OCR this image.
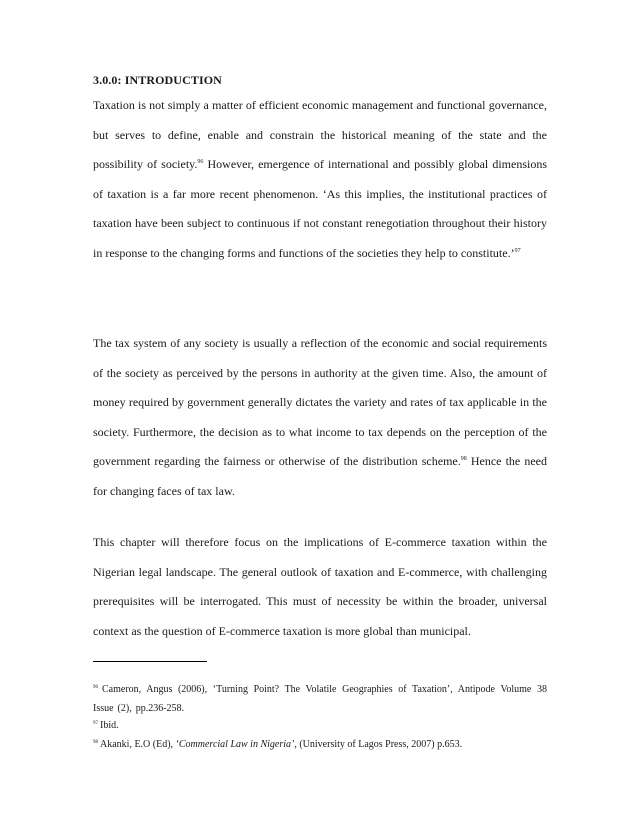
3.0.0: INTRODUCTION

Taxation is not simply a matter of efficient economic management and functional governance, but serves to define, enable and constrain the historical meaning of the state and the possibility of society.$^{96}$ However, emergence of international and possibly global dimensions of taxation is a far more recent phenomenon. ‘As this implies, the institutional practices of taxation have been subject to continuous if not constant renegotiation throughout their history in response to the changing forms and functions of the societies they help to constitute.’$^{97}$

The tax system of any society is usually a reflection of the economic and social requirements of the society as perceived by the persons in authority at the given time. Also, the amount of money required by government generally dictates the variety and rates of tax applicable in the society. Furthermore, the decision as to what income to tax depends on the perception of the government regarding the fairness or otherwise of the distribution scheme.$^{98}$ Hence the need for changing faces of tax law.

This chapter will therefore focus on the implications of E-commerce taxation within the Nigerian legal landscape. The general outlook of taxation and E-commerce, with challenging prerequisites will be interrogated. This must of necessity be within the broader, universal context as the question of E-commerce taxation is more global than municipal.

$^{96}$ Cameron, Angus (2006), ‘Turning Point? The Volatile Geographies of Taxation’, Antipode Volume 38 Issue (2), pp.236-258.
$^{97}$ Ibid.
$^{98}$ Akanki, E.O (Ed), ‘Commercial Law in Nigeria’, (University of Lagos Press, 2007) p.653.
